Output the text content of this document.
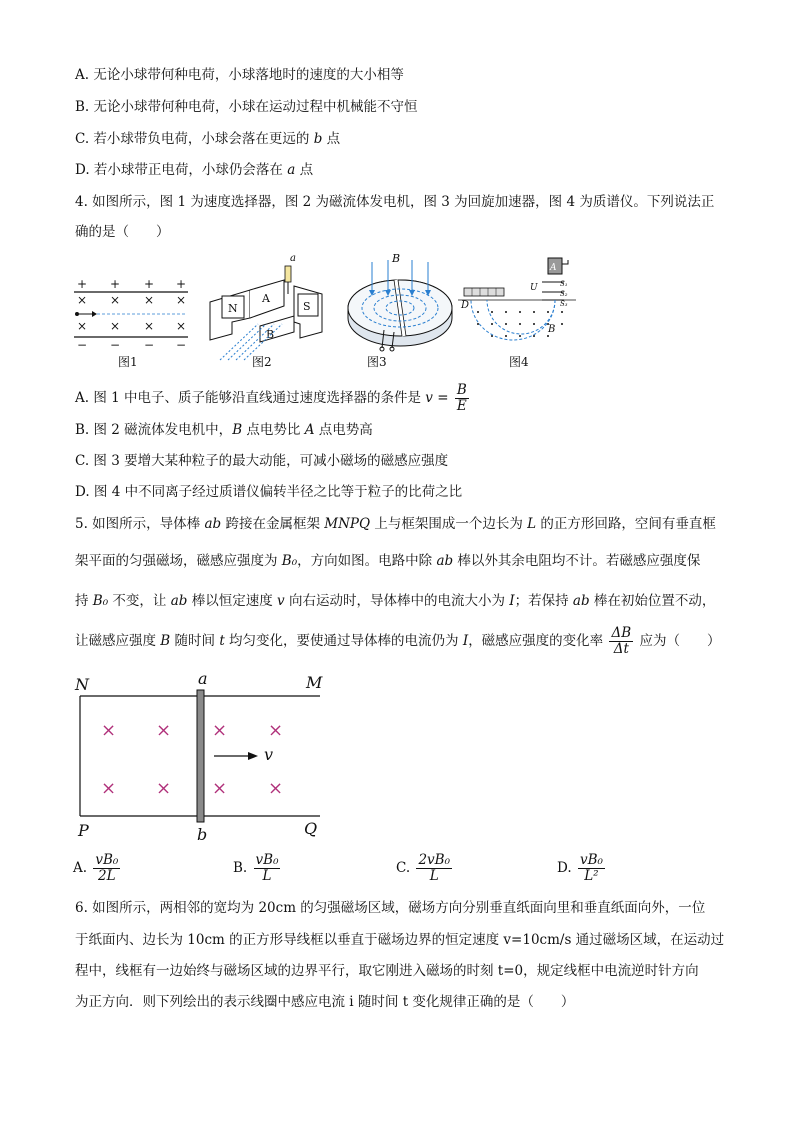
A. 无论小球带何种电荷，小球落地时的速度的大小相等
B. 无论小球带何种电荷，小球在运动过程中机械能不守恒
C. 若小球带负电荷，小球会落在更远的 b 点
D. 若小球带正电荷，小球仍会落在 a 点
4. 如图所示，图 1 为速度选择器，图 2 为磁流体发电机，图 3 为回旋加速器，图 4 为质谱仪。下列说法正
确的是（　　）
+ + + +
× × × ×
× × × ×
− − − −
图1
N
A
S
B
a
图2
B
图3
A
U	S₁
S₂
S₃
D
B
图4
A. 图 1 中电子、质子能够沿直线通过速度选择器的条件是 $v = \frac{B}{E}$
B. 图 2 磁流体发电机中，B 点电势比 A 点电势高
C. 图 3 要增大某种粒子的最大动能，可减小磁场的磁感应强度
D. 图 4 中不同离子经过质谱仪偏转半径之比等于粒子的比荷之比
5. 如图所示，导体棒 ab 跨接在金属框架 MNPQ 上与框架围成一个边长为 L 的正方形回路，空间有垂直框
架平面的匀强磁场，磁感应强度为 B₀，方向如图。电路中除 ab 棒以外其余电阻均不计。若磁感应强度保
持 B₀ 不变，让 ab 棒以恒定速度 v 向右运动时，导体棒中的电流大小为 I；若保持 ab 棒在初始位置不动，
让磁感应强度 B 随时间 t 均匀变化，要使通过导体棒的电流仍为 I，磁感应强度的变化率 $\frac{\Delta B}{\Delta t}$ 应为（　　）
× × × ×
× × × ×
N	a	M
P	b	Q
v
A. $\frac{\text{vB₀}}{2L}$	B. $\frac{\text{vB₀}}{L}$	C. $\frac{\text{2vB₀}}{L}$	D. $\frac{\text{vB₀}}{\text{L²}}$
6. 如图所示，两相邻的宽均为 20cm 的匀强磁场区域，磁场方向分别垂直纸面向里和垂直纸面向外，一位
于纸面内、边长为 10cm 的正方形导线框以垂直于磁场边界的恒定速度 v=10cm/s 通过磁场区域，在运动过
程中，线框有一边始终与磁场区域的边界平行，取它刚进入磁场的时刻 t=0，规定线框中电流逆时针方向
为正方向．则下列绘出的表示线圈中感应电流 i 随时间 t 变化规律正确的是（　　）
